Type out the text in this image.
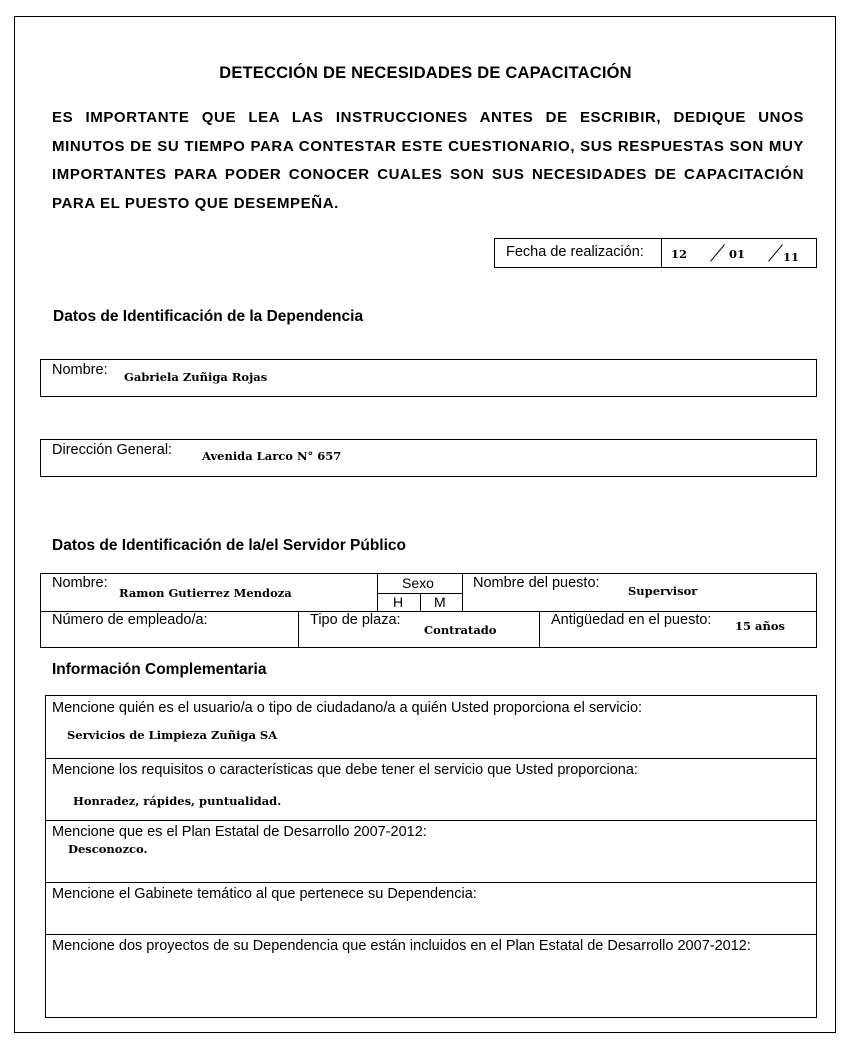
DETECCIÓN DE NECESIDADES DE CAPACITACIÓN
ES IMPORTANTE QUE LEA LAS INSTRUCCIONES ANTES DE ESCRIBIR, DEDIQUE UNOS MINUTOS DE SU TIEMPO PARA CONTESTAR ESTE CUESTIONARIO, SUS RESPUESTAS SON MUY IMPORTANTES PARA PODER CONOCER CUALES SON SUS NECESIDADES DE CAPACITACIÓN PARA EL PUESTO QUE DESEMPEÑA.
Fecha de realización: 12	01	11
Datos de Identificación de la Dependencia
Nombre: Gabriela Zuñiga Rojas
Dirección General:	Avenida Larco N° 657
Datos de Identificación de la/el Servidor Público
Nombre:
Ramon Gutierrez Mendoza
Sexo
H M
Nombre del puesto: Supervisor
Número de empleado/a:	Tipo de plaza:
Contratado
Antigüedad en el puesto: 15 años
Información Complementaria
Mencione quién es el usuario/a o tipo de ciudadano/a a quién Usted proporciona el servicio:
Servicios de Limpieza Zuñiga SA
Mencione los requisitos o características que debe tener el servicio que Usted proporciona:
Honradez, rápides, puntualidad.
Mencione que es el Plan Estatal de Desarrollo 2007-2012:
Desconozco.
Mencione el Gabinete temático al que pertenece su Dependencia:
Mencione dos proyectos de su Dependencia que están incluidos en el Plan Estatal de Desarrollo 2007-2012:
